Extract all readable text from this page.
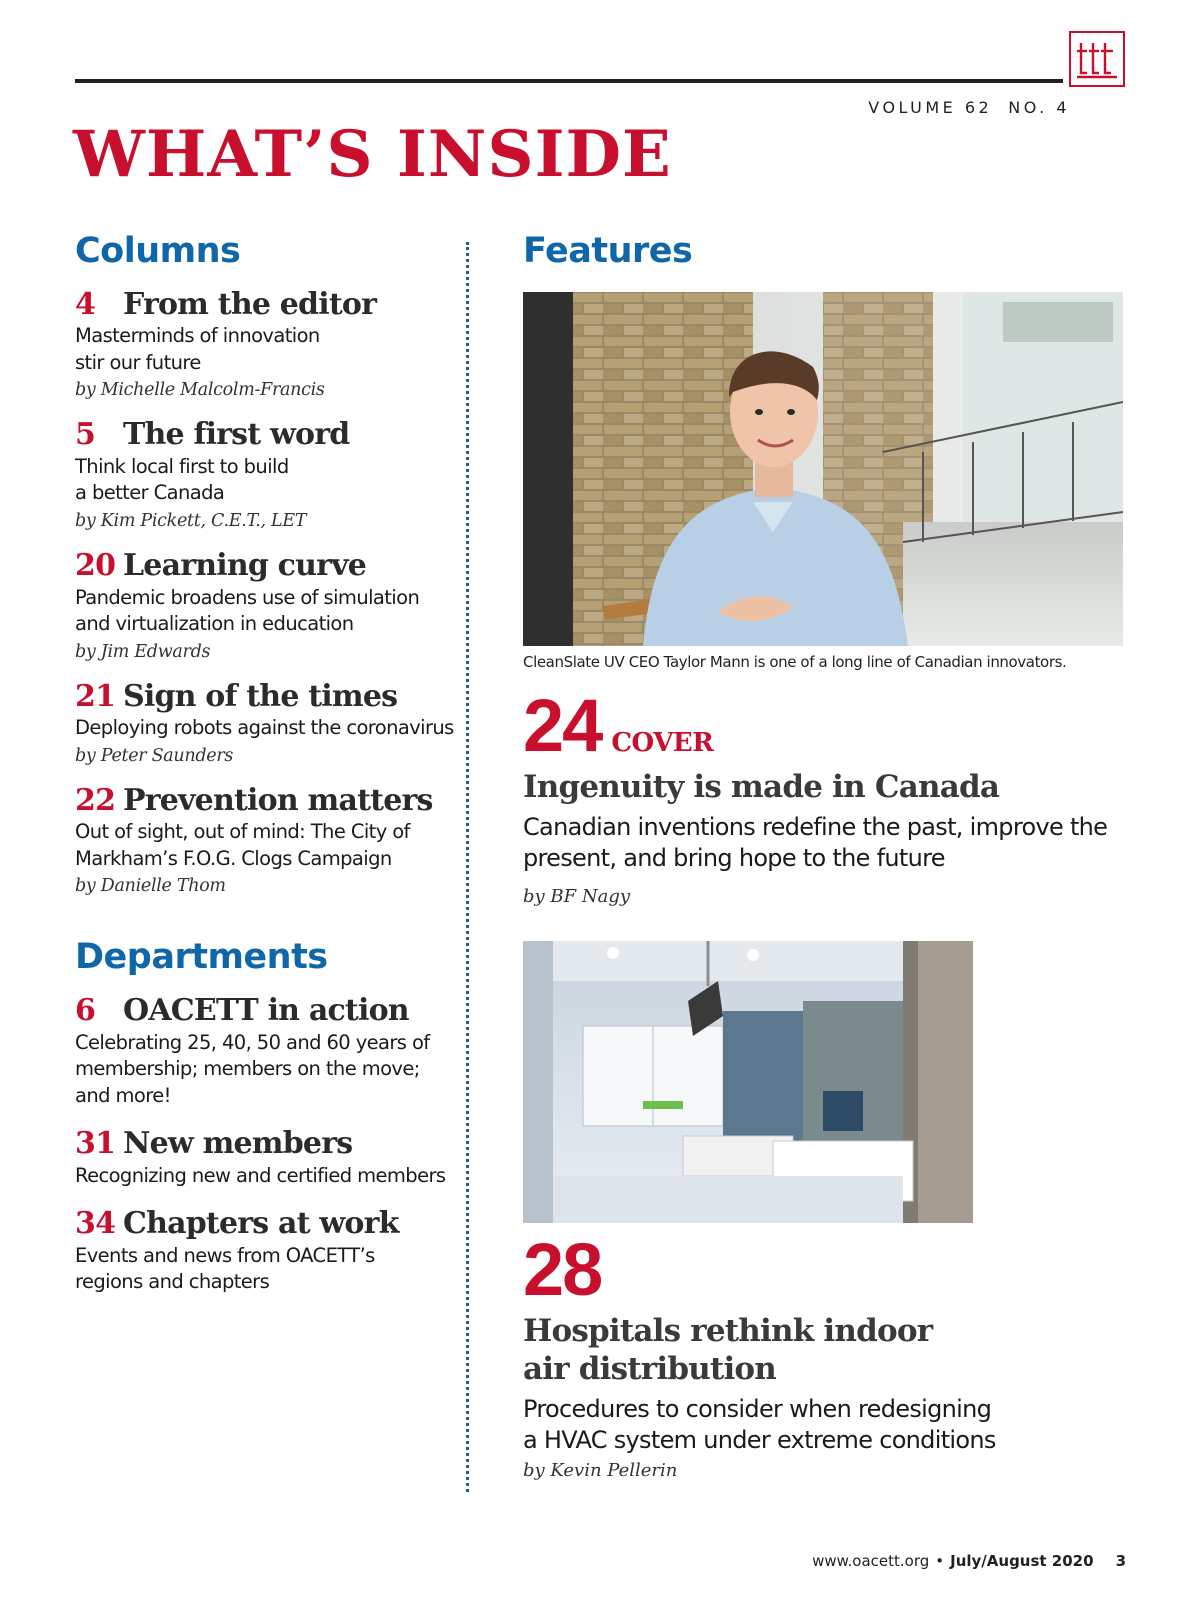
VOLUME 62 NO. 4
WHAT’S INSIDE
Columns
4 From the editor
Masterminds of innovation
stir our future
by Michelle Malcolm-Francis
5 The first word
Think local first to build
a better Canada
by Kim Pickett, C.E.T., LET
20 Learning curve
Pandemic broadens use of simulation
and virtualization in education
by Jim Edwards
21 Sign of the times
Deploying robots against the coronavirus
by Peter Saunders
22 Prevention matters
Out of sight, out of mind: The City of
Markham’s F.O.G. Clogs Campaign
by Danielle Thom
Departments
6 OACETT in action
Celebrating 25, 40, 50 and 60 years of
membership; members on the move;
and more!
31 New members
Recognizing new and certified members
34 Chapters at work
Events and news from OACETT’s
regions and chapters
Features
CleanSlate UV CEO Taylor Mann is one of a long line of Canadian innovators.
24 COVER
Ingenuity is made in Canada
Canadian inventions redefine the past, improve the
present, and bring hope to the future
by BF Nagy
28
Hospitals rethink indoor
air distribution
Procedures to consider when redesigning
a HVAC system under extreme conditions
by Kevin Pellerin
www.oacett.org • July/August 2020 3
